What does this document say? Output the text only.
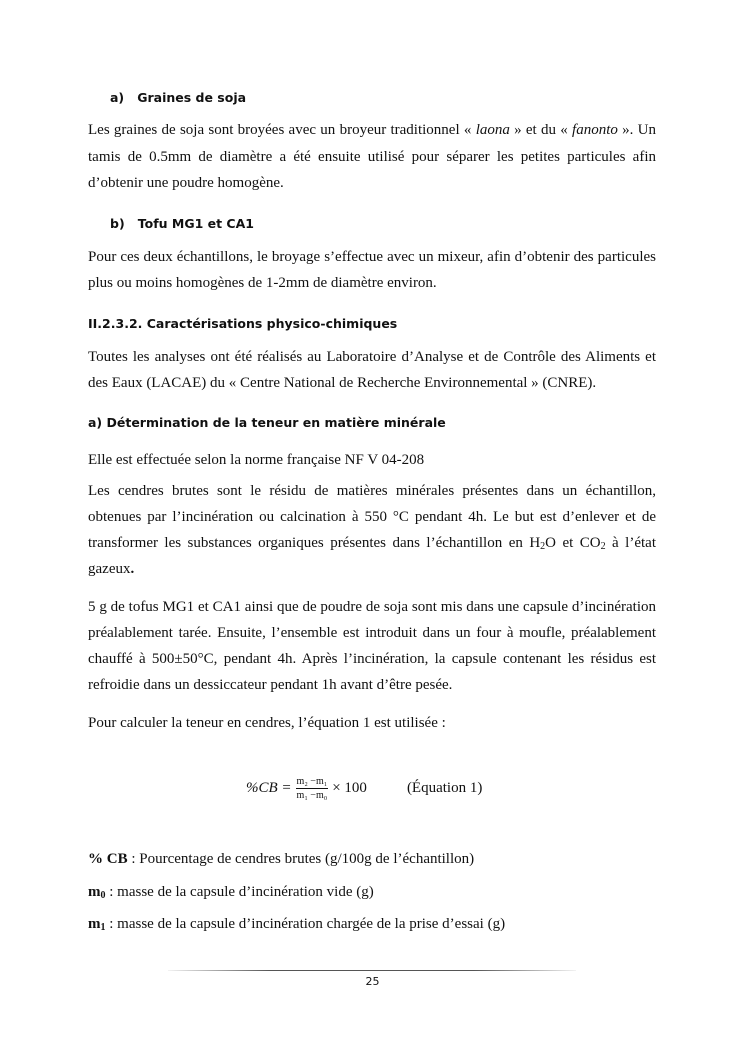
a) Graines de soja
Les graines de soja sont broyées avec un broyeur traditionnel « laona » et du « fanonto ». Un
tamis de 0.5mm de diamètre a été ensuite utilisé pour séparer les petites particules afin
d’obtenir une poudre homogène.
b) Tofu MG1 et CA1
Pour ces deux échantillons, le broyage s’effectue avec un mixeur, afin d’obtenir des particules
plus ou moins homogènes de 1-2mm de diamètre environ.
II.2.3.2. Caractérisations physico-chimiques
Toutes les analyses ont été réalisés au Laboratoire d’Analyse et de Contrôle des Aliments et
des Eaux (LACAE) du « Centre National de Recherche Environnemental » (CNRE).
a) Détermination de la teneur en matière minérale
Elle est effectuée selon la norme française NF V 04-208
Les cendres brutes sont le résidu de matières minérales présentes dans un échantillon,
obtenues par l’incinération ou calcination à 550 °C pendant 4h. Le but est d’enlever et de
transformer les substances organiques présentes dans l’échantillon en $H_2O$ et $CO_2$ à l’état
gazeux.
5 g de tofus MG1 et CA1 ainsi que de poudre de soja sont mis dans une capsule d’incinération
préalablement tarée. Ensuite, l’ensemble est introduit dans un four à moufle, préalablement
chauffé à 500±50°C, pendant 4h. Après l’incinération, la capsule contenant les résidus est
refroidie dans un dessiccateur pendant 1h avant d’être pesée.
Pour calculer la teneur en cendres, l’équation 1 est utilisée :
$\%CB = \frac{\text{m₂ −m₁}}{\text{m₁ −m₀}} \times 100$	(Équation 1)
% CB : Pourcentage de cendres brutes (g/100g de l’échantillon)
$m_0$ : masse de la capsule d’incinération vide (g)
$m_1$ : masse de la capsule d’incinération chargée de la prise d’essai (g)
25
